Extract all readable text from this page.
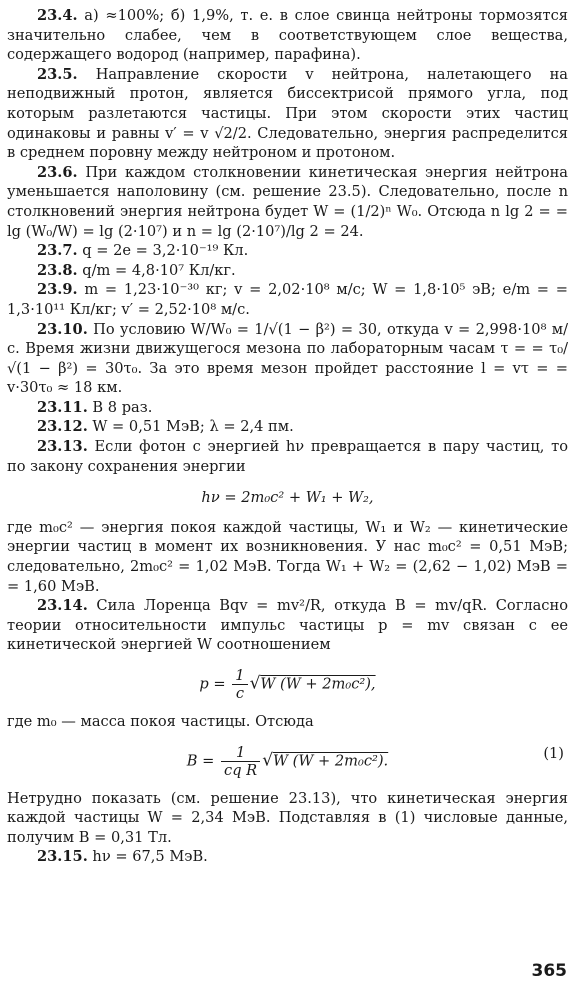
23.4. а) ≈100%; б) 1,9%, т. е. в слое свинца нейтроны тормозятся значительно слабее, чем в соответствующем слое вещества, содержащего водород (например, парафина).

23.5. Направление скорости v нейтрона, налетающего на неподвижный протон, является биссектрисой прямого угла, под которым разлетаются частицы. При этом скорости этих частиц одинаковы и равны v′ = v √2/2. Следовательно, энергия распределится в среднем поровну между нейтроном и протоном.

23.6. При каждом столкновении кинетическая энергия нейтрона уменьшается наполовину (см. решение 23.5). Следовательно, после n столкновений энергия нейтрона будет W = (1/2)ⁿ W₀. Отсюда n lg 2 = = lg (W₀/W) = lg (2·10⁷) и n = lg (2·10⁷)/lg 2 = 24.

23.7. q = 2e = 3,2·10⁻¹⁹ Кл.

23.8. q/m = 4,8·10⁷ Кл/кг.

23.9. m = 1,23·10⁻³⁰ кг; v = 2,02·10⁸ м/с; W = 1,8·10⁵ эВ; e/m = = 1,3·10¹¹ Кл/кг; v′ = 2,52·10⁸ м/с.

23.10. По условию W/W₀ = 1/√(1 − β²) = 30, откуда v = 2,998·10⁸ м/с. Время жизни движущегося мезона по лабораторным часам τ = = τ₀/√(1 − β²) = 30τ₀. За это время мезон пройдет расстояние l = vτ = = v·30τ₀ ≈ 18 км.

23.11. В 8 раз.

23.12. W = 0,51 МэВ; λ = 2,4 пм.

23.13. Если фотон с энергией hν превращается в пару частиц, то по закону сохранения энергии

hν = 2m₀c² + W₁ + W₂,

где m₀c² — энергия покоя каждой частицы, W₁ и W₂ — кинетические энергии частиц в момент их возникновения. У нас m₀c² = 0,51 МэВ; следовательно, 2m₀c² = 1,02 МэВ. Тогда W₁ + W₂ = (2,62 − 1,02) МэВ = = 1,60 МэВ.

23.14. Сила Лоренца Bqv = mv²/R, откуда B = mv/qR. Согласно теории относительности импульс частицы p = mv связан с ее кинетической энергией W соотношением

$p = \frac{1}{c} √W$ (W + 2m₀c²),

где m₀ — масса покоя частицы. Отсюда

$B = \frac{1}{\text{cq R}} √W$ (W + 2m₀c²).	(1)

Нетрудно показать (см. решение 23.13), что кинетическая энергия каждой частицы W = 2,34 МэВ. Подставляя в (1) числовые данные, получим B = 0,31 Тл.

23.15. hν = 67,5 МэВ.

365
